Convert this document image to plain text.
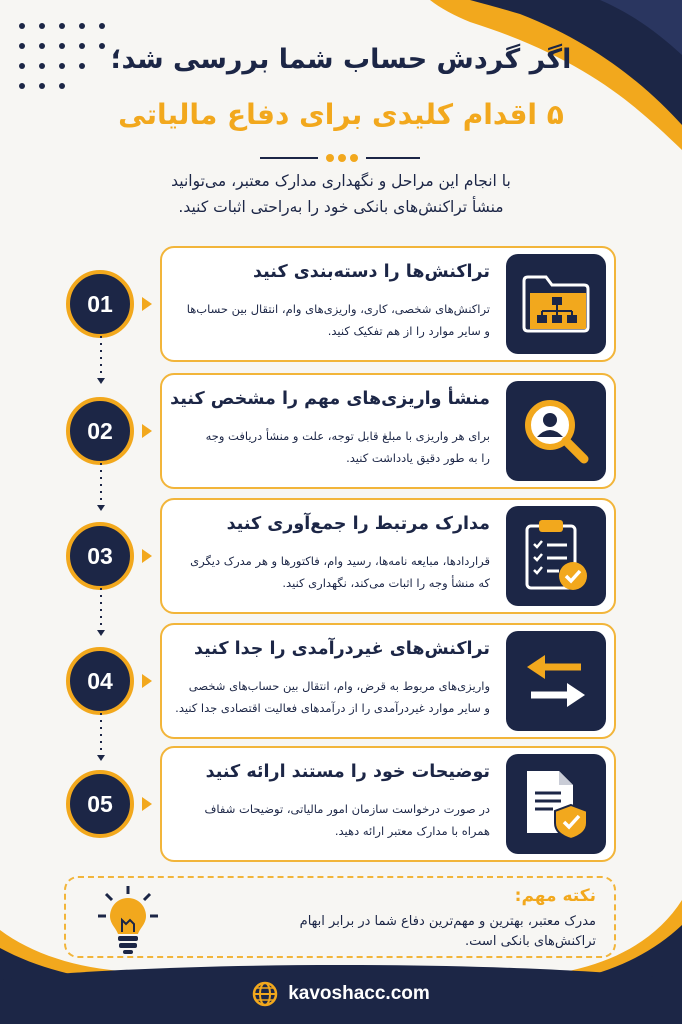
اگر گردش حساب شما بررسی شد؛
۵ اقدام کلیدی برای دفاع مالیاتی
با انجام این مراحل و نگهداری مدارک معتبر، می‌توانید
منشأ تراکنش‌های بانکی خود را به‌راحتی اثبات کنید.
01
تراکنش‌ها را دسته‌بندی کنید
تراکنش‌های شخصی، کاری، واریزی‌های وام، انتقال بین حساب‌ها
و سایر موارد را از هم تفکیک کنید.
02
منشأ واریزی‌های مهم را مشخص کنید
برای هر واریزی با مبلغ قابل توجه، علت و منشأ دریافت وجه
را به طور دقیق یادداشت کنید.
03
مدارک مرتبط را جمع‌آوری کنید
قراردادها، مبایعه نامه‌ها، رسید وام، فاکتورها و هر مدرک دیگری
که منشأ وجه را اثبات می‌کند، نگهداری کنید.
04
تراکنش‌های غیردرآمدی را جدا کنید
واریزی‌های مربوط به قرض، وام، انتقال بین حساب‌های شخصی
و سایر موارد غیردرآمدی را از درآمدهای فعالیت اقتصادی جدا کنید.
05
توضیحات خود را مستند ارائه کنید
در صورت درخواست سازمان امور مالیاتی، توضیحات شفاف
همراه با مدارک معتبر ارائه دهید.
نکته مهم:
مدرک معتبر، بهترین و مهم‌ترین دفاع شما در برابر ابهام
تراکنش‌های بانکی است.
kavoshacc.com
